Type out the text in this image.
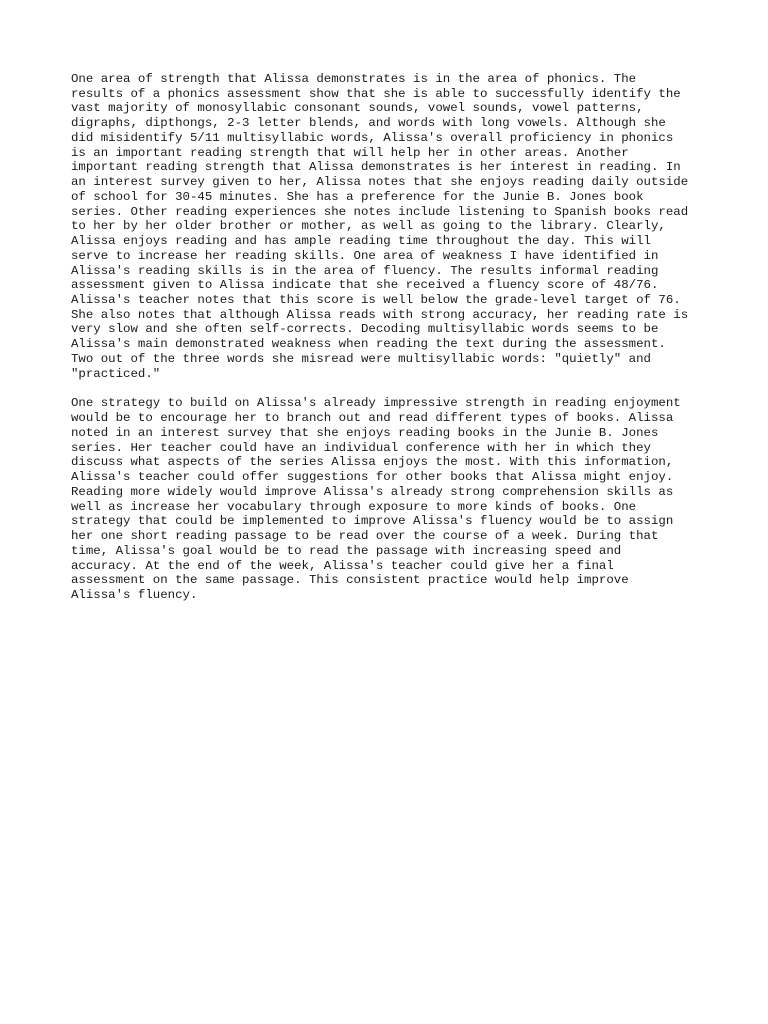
One area of strength that Alissa demonstrates is in the area of phonics. The
results of a phonics assessment show that she is able to successfully identify the
vast majority of monosyllabic consonant sounds, vowel sounds, vowel patterns,
digraphs, dipthongs, 2-3 letter blends, and words with long vowels. Although she
did misidentify 5/11 multisyllabic words, Alissa's overall proficiency in phonics
is an important reading strength that will help her in other areas. Another
important reading strength that Alissa demonstrates is her interest in reading. In
an interest survey given to her, Alissa notes that she enjoys reading daily outside
of school for 30-45 minutes. She has a preference for the Junie B. Jones book
series. Other reading experiences she notes include listening to Spanish books read
to her by her older brother or mother, as well as going to the library. Clearly,
Alissa enjoys reading and has ample reading time throughout the day. This will
serve to increase her reading skills. One area of weakness I have identified in
Alissa's reading skills is in the area of fluency. The results informal reading
assessment given to Alissa indicate that she received a fluency score of 48/76.
Alissa's teacher notes that this score is well below the grade-level target of 76.
She also notes that although Alissa reads with strong accuracy, her reading rate is
very slow and she often self-corrects. Decoding multisyllabic words seems to be
Alissa's main demonstrated weakness when reading the text during the assessment.
Two out of the three words she misread were multisyllabic words: "quietly" and
"practiced."

One strategy to build on Alissa's already impressive strength in reading enjoyment
would be to encourage her to branch out and read different types of books. Alissa
noted in an interest survey that she enjoys reading books in the Junie B. Jones
series. Her teacher could have an individual conference with her in which they
discuss what aspects of the series Alissa enjoys the most. With this information,
Alissa's teacher could offer suggestions for other books that Alissa might enjoy.
Reading more widely would improve Alissa's already strong comprehension skills as
well as increase her vocabulary through exposure to more kinds of books. One
strategy that could be implemented to improve Alissa's fluency would be to assign
her one short reading passage to be read over the course of a week. During that
time, Alissa's goal would be to read the passage with increasing speed and
accuracy. At the end of the week, Alissa's teacher could give her a final
assessment on the same passage. This consistent practice would help improve
Alissa's fluency.
